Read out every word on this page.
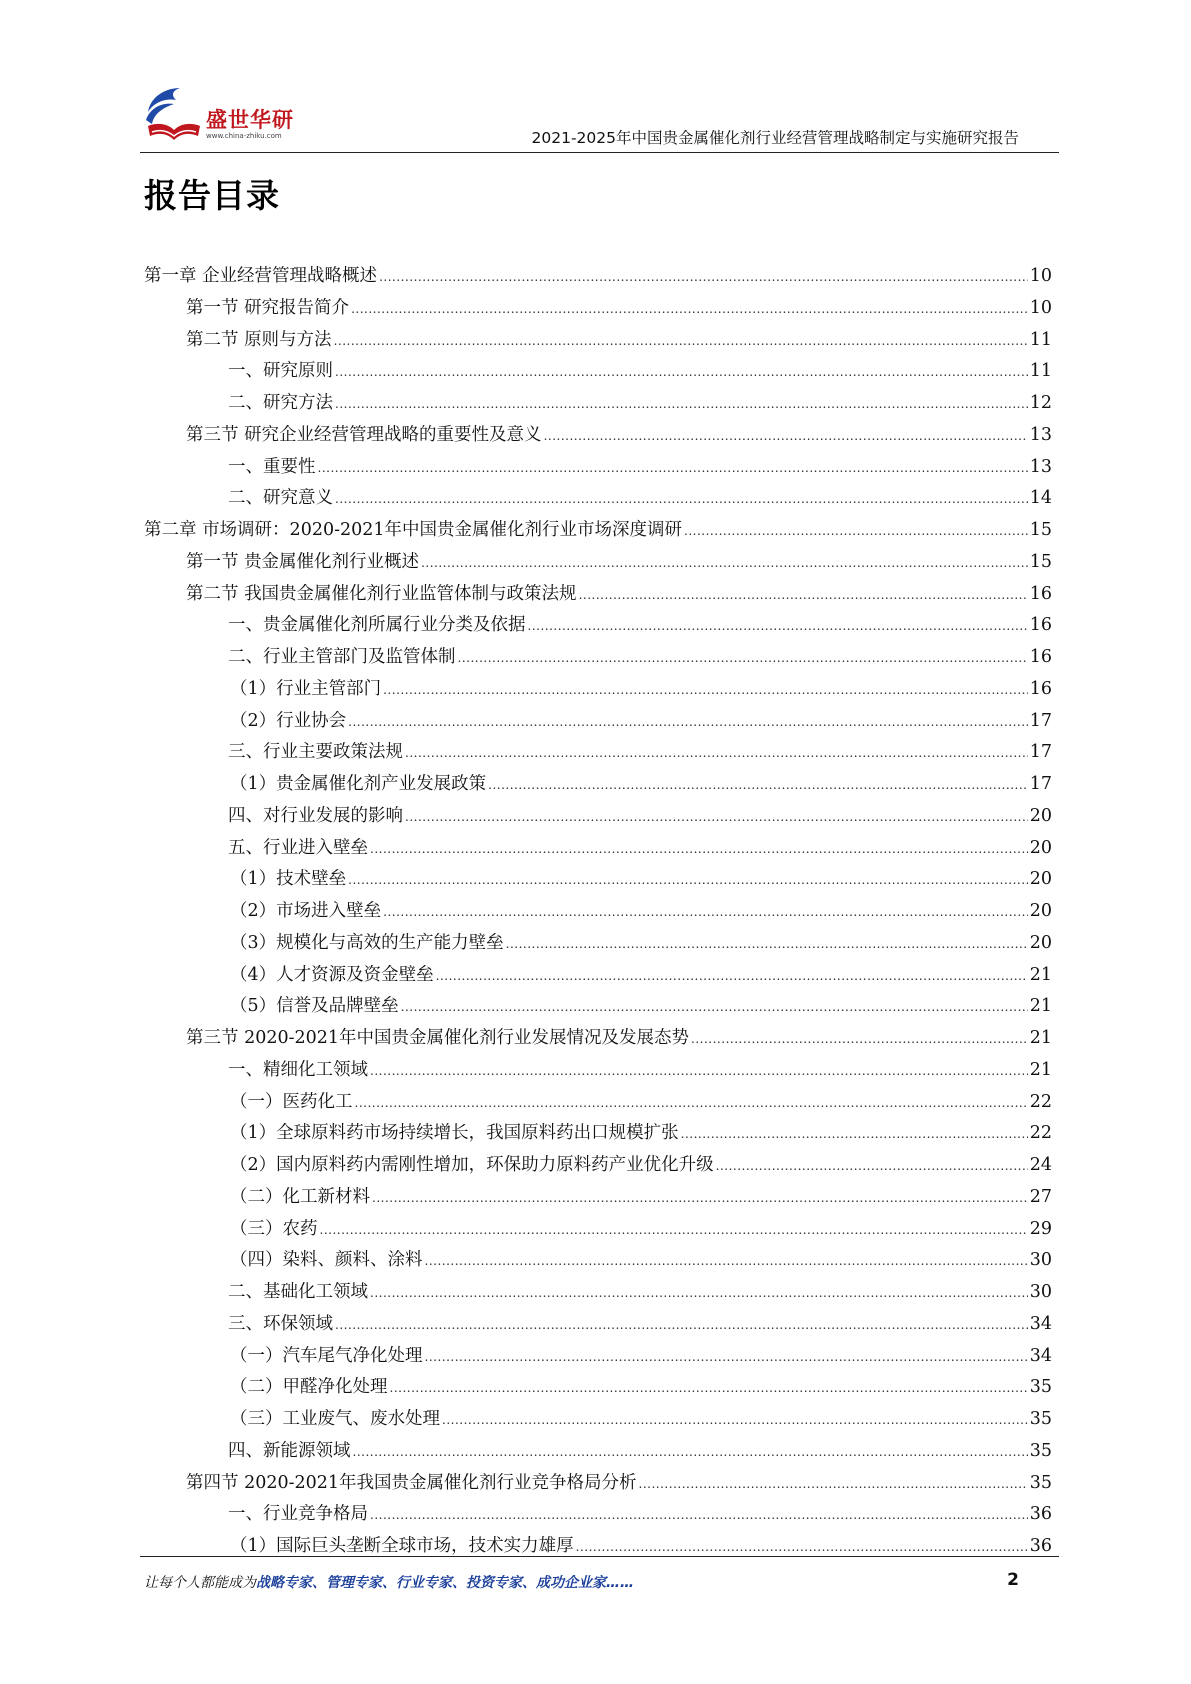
盛世华研
www.china-zhiku.com	2021-2025年中国贵金属催化剂行业经营管理战略制定与实施研究报告
报告目录
第一章 企业经营管理战略概述 .....	10
第一节 研究报告简介 .....	10
第二节 原则与方法 .....	11
一、研究原则 .....	11
二、研究方法 .....	12
第三节 研究企业经营管理战略的重要性及意义 .....	13
一、重要性 .....	13
二、研究意义 .....	14
第二章 市场调研：2020-2021年中国贵金属催化剂行业市场深度调研 .....	15
第一节 贵金属催化剂行业概述 .....	15
第二节 我国贵金属催化剂行业监管体制与政策法规 .....	16
一、贵金属催化剂所属行业分类及依据 .....	16
二、行业主管部门及监管体制 .....	16
（1）行业主管部门 .....	16
（2）行业协会 .....	17
三、行业主要政策法规 .....	17
（1）贵金属催化剂产业发展政策 .....	17
四、对行业发展的影响 .....	20
五、行业进入壁垒 .....	20
（1）技术壁垒 .....	20
（2）市场进入壁垒 .....	20
（3）规模化与高效的生产能力壁垒 .....	20
（4）人才资源及资金壁垒 .....	21
（5）信誉及品牌壁垒 .....	21
第三节 2020-2021年中国贵金属催化剂行业发展情况及发展态势 .....	21
一、精细化工领域 .....	21
（一）医药化工 .....	22
（1）全球原料药市场持续增长，我国原料药出口规模扩张 .....	22
（2）国内原料药内需刚性增加，环保助力原料药产业优化升级 .....	24
（二）化工新材料 .....	27
（三）农药 .....	29
（四）染料、颜料、涂料 .....	30
二、基础化工领域 .....	30
三、环保领域 .....	34
（一）汽车尾气净化处理 .....	34
（二）甲醛净化处理 .....	35
（三）工业废气、废水处理 .....	35
四、新能源领域 .....	35
第四节 2020-2021年我国贵金属催化剂行业竞争格局分析 .....	35
一、行业竞争格局 .....	36
（1）国际巨头垄断全球市场，技术实力雄厚 .....	36
让每个人都能成为战略专家、管理专家、行业专家、投资专家、成功企业家……	2
